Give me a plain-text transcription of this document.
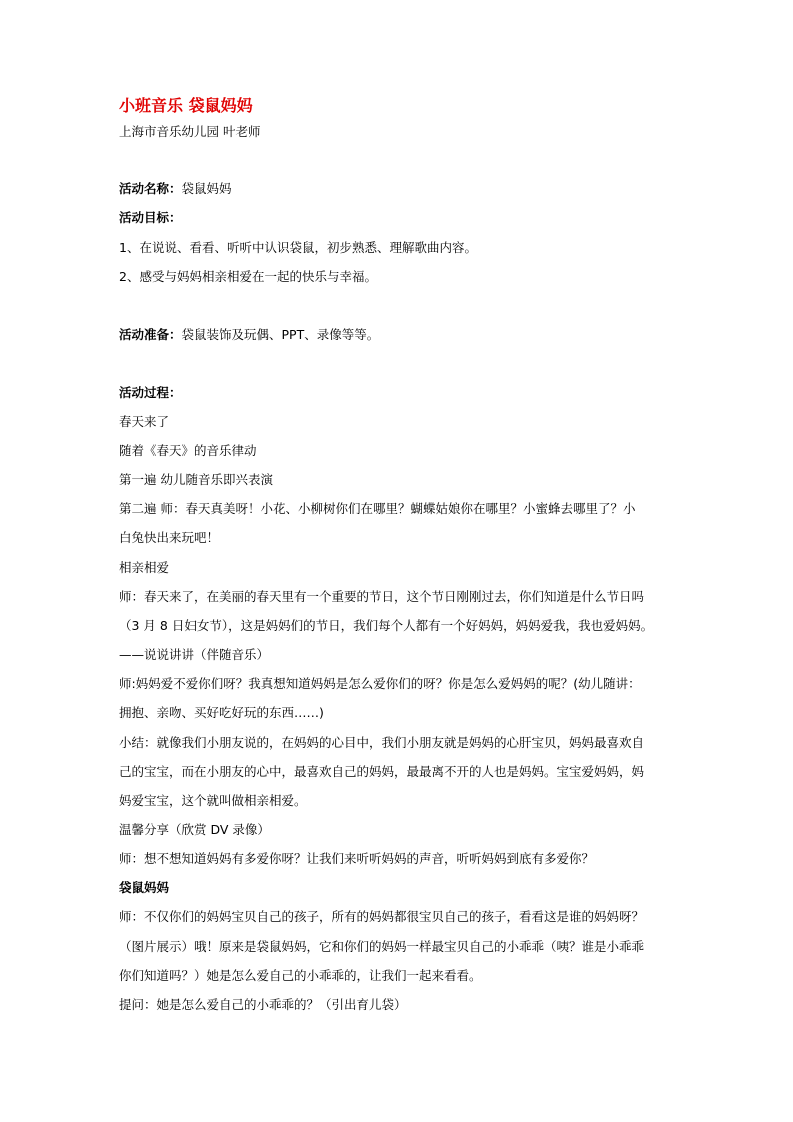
小班音乐 袋鼠妈妈
上海市音乐幼儿园 叶老师
活动名称：袋鼠妈妈
活动目标：
1、在说说、看看、听听中认识袋鼠，初步熟悉、理解歌曲内容。
2、感受与妈妈相亲相爱在一起的快乐与幸福。
活动准备：袋鼠装饰及玩偶、PPT、录像等等。
活动过程：
春天来了
随着《春天》的音乐律动
第一遍 幼儿随音乐即兴表演
第二遍 师：春天真美呀！小花、小柳树你们在哪里？蝴蝶姑娘你在哪里？小蜜蜂去哪里了？小
白兔快出来玩吧！
相亲相爱
师：春天来了，在美丽的春天里有一个重要的节日，这个节日刚刚过去，你们知道是什么节日吗
（3 月 8 日妇女节），这是妈妈们的节日，我们每个人都有一个好妈妈，妈妈爱我，我也爱妈妈。
——说说讲讲（伴随音乐）
师:妈妈爱不爱你们呀？我真想知道妈妈是怎么爱你们的呀？你是怎么爱妈妈的呢？(幼儿随讲：
拥抱、亲吻、买好吃好玩的东西……)
小结：就像我们小朋友说的，在妈妈的心目中，我们小朋友就是妈妈的心肝宝贝，妈妈最喜欢自
己的宝宝，而在小朋友的心中，最喜欢自己的妈妈，最最离不开的人也是妈妈。宝宝爱妈妈，妈
妈爱宝宝，这个就叫做相亲相爱。
温馨分享（欣赏 DV 录像）
师：想不想知道妈妈有多爱你呀？让我们来听听妈妈的声音，听听妈妈到底有多爱你？
袋鼠妈妈
师：不仅你们的妈妈宝贝自己的孩子，所有的妈妈都很宝贝自己的孩子，看看这是谁的妈妈呀？
（图片展示）哦！原来是袋鼠妈妈，它和你们的妈妈一样最宝贝自己的小乖乖（咦？谁是小乖乖
你们知道吗？）她是怎么爱自己的小乖乖的，让我们一起来看看。
提问：她是怎么爱自己的小乖乖的？（引出育儿袋）
